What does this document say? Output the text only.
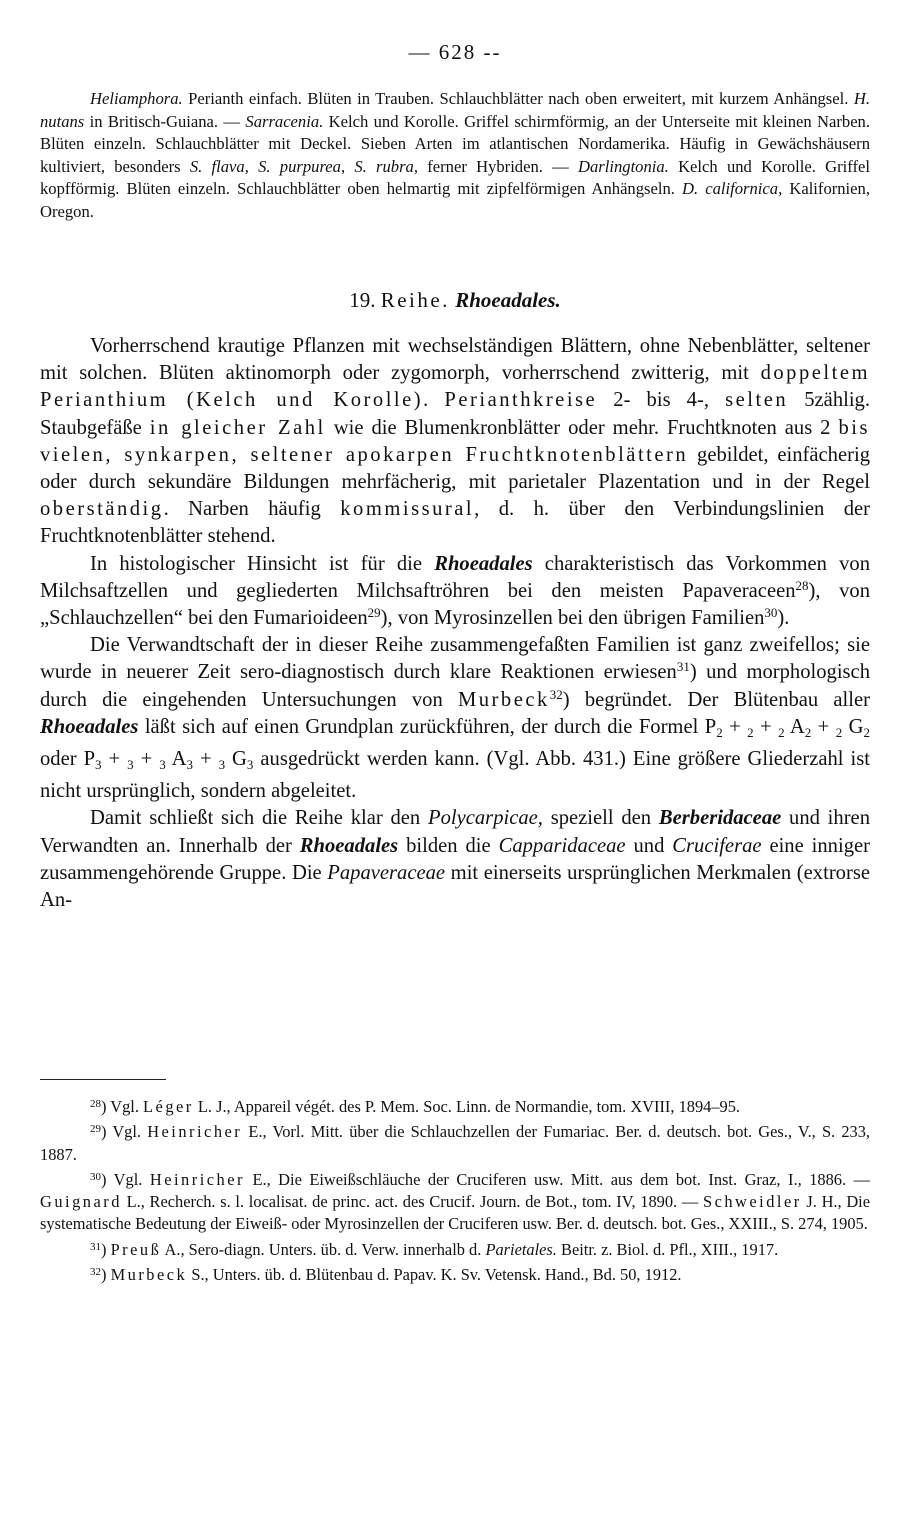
— 628 --

Heliamphora. Perianth einfach. Blüten in Trauben. Schlauchblätter nach oben erweitert, mit kurzem Anhängsel. H. nutans in Britisch-Guiana. — Sarracenia. Kelch und Korolle. Griffel schirmförmig, an der Unterseite mit kleinen Narben. Blüten einzeln. Schlauchblätter mit Deckel. Sieben Arten im atlantischen Nordamerika. Häufig in Gewächshäusern kultiviert, besonders S. flava, S. purpurea, S. rubra, ferner Hybriden. — Darlingtonia. Kelch und Korolle. Griffel kopfförmig. Blüten einzeln. Schlauchblätter oben helmartig mit zipfelförmigen Anhängseln. D. californica, Kalifornien, Oregon.

19. Reihe. Rhoeadales.

Vorherrschend krautige Pflanzen mit wechselständigen Blättern, ohne Nebenblätter, seltener mit solchen. Blüten aktinomorph oder zygomorph, vorherrschend zwitterig, mit doppeltem Perianthium (Kelch und Korolle). Perianthkreise 2- bis 4-, selten 5zählig. Staubgefäße in gleicher Zahl wie die Blumenkronblätter oder mehr. Fruchtknoten aus 2 bis vielen, synkarpen, seltener apokarpen Fruchtknotenblättern gebildet, einfächerig oder durch sekundäre Bildungen mehrfächerig, mit parietaler Plazentation und in der Regel oberständig. Narben häufig kommissural, d. h. über den Verbindungslinien der Fruchtknotenblätter stehend.

In histologischer Hinsicht ist für die Rhoeadales charakteristisch das Vorkommen von Milchsaftzellen und gegliederten Milchsaftröhren bei den meisten Papaveraceen$^{28}$), von „Schlauchzellen“ bei den Fumarioideen$^{29}$), von Myrosinzellen bei den übrigen Familien$^{30}$).

Die Verwandtschaft der in dieser Reihe zusammengefaßten Familien ist ganz zweifellos; sie wurde in neuerer Zeit sero-diagnostisch durch klare Reaktionen erwiesen$^{31}$) und morphologisch durch die eingehenden Untersuchungen von Murbeck$^{32}$) begründet. Der Blütenbau aller Rhoeadales läßt sich auf einen Grundplan zurückführen, der durch die Formel $P_2 + _2 + _2$ $A_2 + _2$ $G_2$ oder $P_3 + _3 + _3$ $A_3 + _3$ $G_3$ ausgedrückt werden kann. (Vgl. Abb. 431.) Eine größere Gliederzahl ist nicht ursprünglich, sondern abgeleitet.

Damit schließt sich die Reihe klar den Polycarpicae, speziell den Berberidaceae und ihren Verwandten an. Innerhalb der Rhoeadales bilden die Capparidaceae und Cruciferae eine inniger zusammengehörende Gruppe. Die Papaveraceae mit einerseits ursprünglichen Merkmalen (extrorse An-

$^{28}$) Vgl. Léger L. J., Appareil végét. des P. Mem. Soc. Linn. de Normandie, tom. XVIII, 1894–95.

$^{29}$) Vgl. Heinricher E., Vorl. Mitt. über die Schlauchzellen der Fumariac. Ber. d. deutsch. bot. Ges., V., S. 233, 1887.

$^{30}$) Vgl. Heinricher E., Die Eiweißschläuche der Cruciferen usw. Mitt. aus dem bot. Inst. Graz, I., 1886. — Guignard L., Recherch. s. l. localisat. de princ. act. des Crucif. Journ. de Bot., tom. IV, 1890. — Schweidler J. H., Die systematische Bedeutung der Eiweiß- oder Myrosinzellen der Cruciferen usw. Ber. d. deutsch. bot. Ges., XXIII., S. 274, 1905.

$^{31}$) Preuß A., Sero-diagn. Unters. üb. d. Verw. innerhalb d. Parietales. Beitr. z. Biol. d. Pfl., XIII., 1917.

$^{32}$) Murbeck S., Unters. üb. d. Blütenbau d. Papav. K. Sv. Vetensk. Hand., Bd. 50, 1912.
